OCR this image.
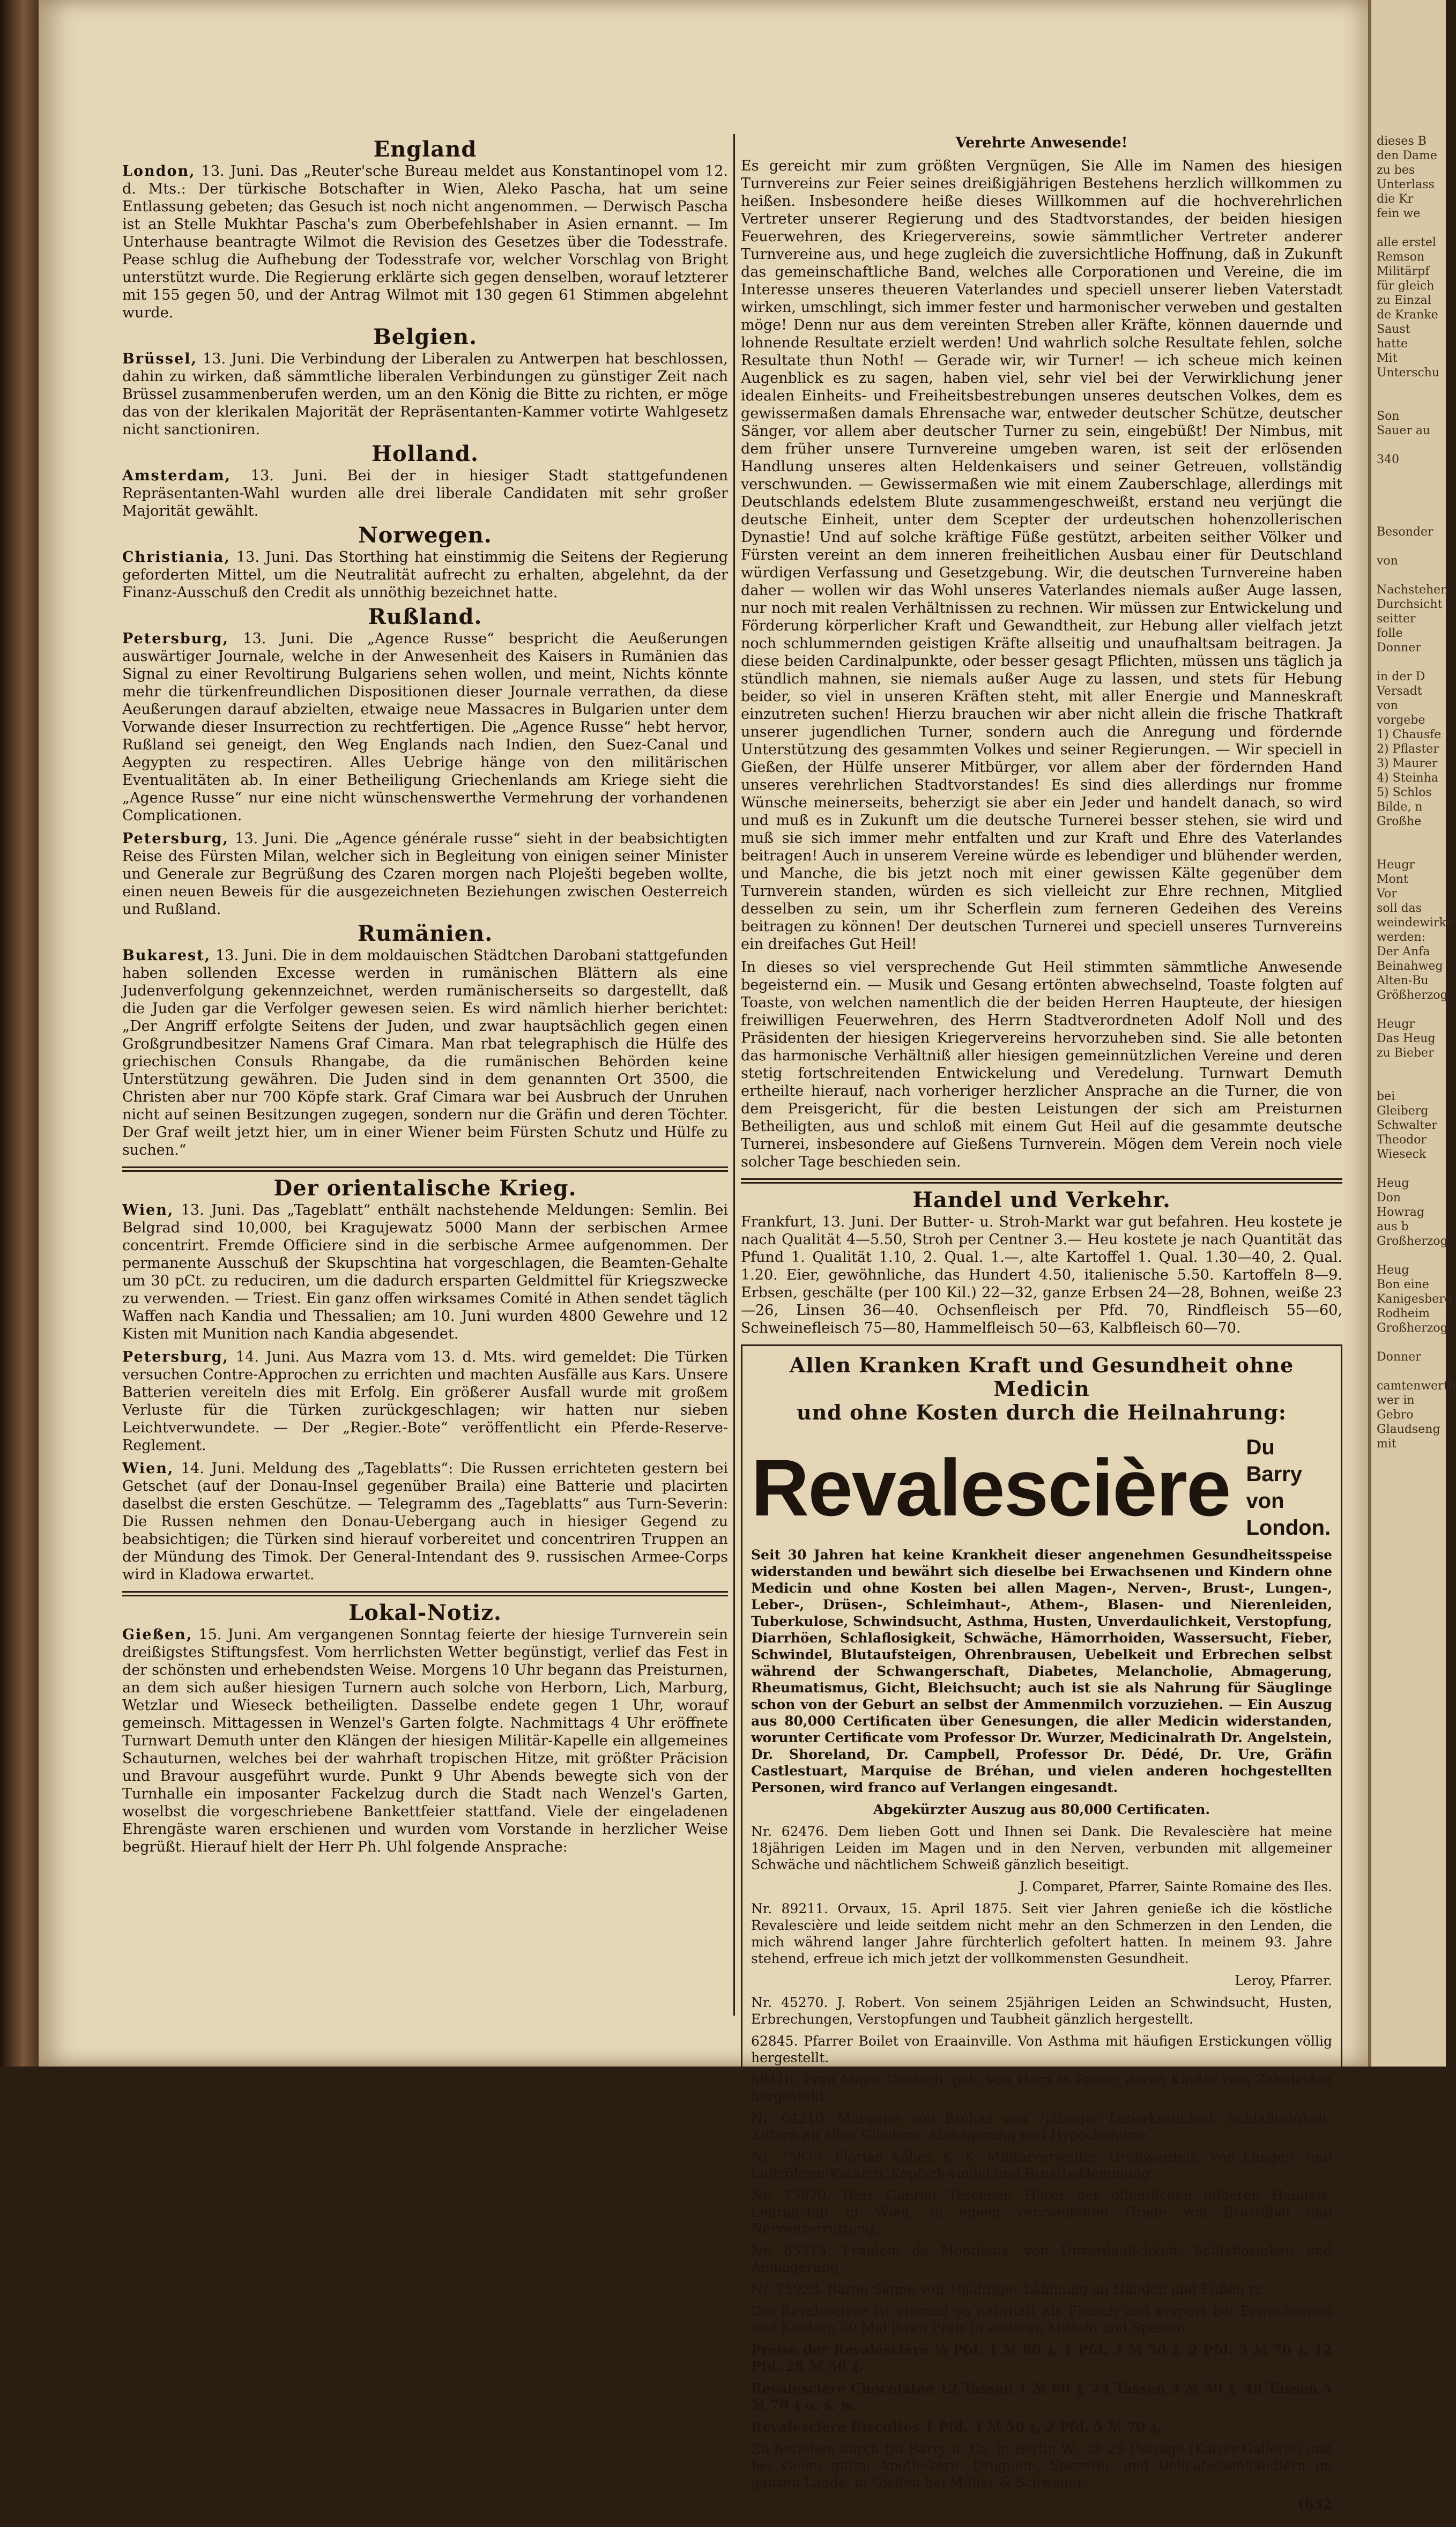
England

London, 13. Juni. Das „Reuter'sche Bureau meldet aus Konstantinopel vom 12. d. Mts.: Der türkische Botschafter in Wien, Aleko Pascha, hat um seine Entlassung gebeten; das Gesuch ist noch nicht angenommen. — Derwisch Pascha ist an Stelle Mukhtar Pascha's zum Oberbefehlshaber in Asien ernannt. — Im Unterhause beantragte Wilmot die Revision des Gesetzes über die Todesstrafe. Pease schlug die Aufhebung der Todesstrafe vor, welcher Vorschlag von Bright unterstützt wurde. Die Regierung erklärte sich gegen denselben, worauf letzterer mit 155 gegen 50, und der Antrag Wilmot mit 130 gegen 61 Stimmen abgelehnt wurde.

Belgien.

Brüssel, 13. Juni. Die Verbindung der Liberalen zu Antwerpen hat beschlossen, dahin zu wirken, daß sämmtliche liberalen Verbindungen zu günstiger Zeit nach Brüssel zusammenberufen werden, um an den König die Bitte zu richten, er möge das von der klerikalen Majorität der Repräsentanten-Kammer votirte Wahlgesetz nicht sanctioniren.

Holland.

Amsterdam, 13. Juni. Bei der in hiesiger Stadt stattgefundenen Repräsentanten-Wahl wurden alle drei liberale Candidaten mit sehr großer Majorität gewählt.

Norwegen.

Christiania, 13. Juni. Das Storthing hat einstimmig die Seitens der Regierung geforderten Mittel, um die Neutralität aufrecht zu erhalten, abgelehnt, da der Finanz-Ausschuß den Credit als unnöthig bezeichnet hatte.

Rußland.

Petersburg, 13. Juni. Die „Agence Russe“ bespricht die Aeußerungen auswärtiger Journale, welche in der Anwesenheit des Kaisers in Rumänien das Signal zu einer Revoltirung Bulgariens sehen wollen, und meint, Nichts könnte mehr die türkenfreundlichen Dispositionen dieser Journale verrathen, da diese Aeußerungen darauf abzielten, etwaige neue Massacres in Bulgarien unter dem Vorwande dieser Insurrection zu rechtfertigen. Die „Agence Russe“ hebt hervor, Rußland sei geneigt, den Weg Englands nach Indien, den Suez-Canal und Aegypten zu respectiren. Alles Uebrige hänge von den militärischen Eventualitäten ab. In einer Betheiligung Griechenlands am Kriege sieht die „Agence Russe“ nur eine nicht wünschenswerthe Vermehrung der vorhandenen Complicationen.

Petersburg, 13. Juni. Die „Agence générale russe“ sieht in der beabsichtigten Reise des Fürsten Milan, welcher sich in Begleitung von einigen seiner Minister und Generale zur Begrüßung des Czaren morgen nach Ploješti begeben wollte, einen neuen Beweis für die ausgezeichneten Beziehungen zwischen Oesterreich und Rußland.

Rumänien.

Bukarest, 13. Juni. Die in dem moldauischen Städtchen Darobani stattgefunden haben sollenden Excesse werden in rumänischen Blättern als eine Judenverfolgung gekennzeichnet, werden rumänischerseits so dargestellt, daß die Juden gar die Verfolger gewesen seien. Es wird nämlich hierher berichtet: „Der Angriff erfolgte Seitens der Juden, und zwar hauptsächlich gegen einen Großgrundbesitzer Namens Graf Cimara. Man rbat telegraphisch die Hülfe des griechischen Consuls Rhangabe, da die rumänischen Behörden keine Unterstützung gewähren. Die Juden sind in dem genannten Ort 3500, die Christen aber nur 700 Köpfe stark. Graf Cimara war bei Ausbruch der Unruhen nicht auf seinen Besitzungen zugegen, sondern nur die Gräfin und deren Töchter. Der Graf weilt jetzt hier, um in einer Wiener beim Fürsten Schutz und Hülfe zu suchen.“

Der orientalische Krieg.

Wien, 13. Juni. Das „Tageblatt“ enthält nachstehende Meldungen: Semlin. Bei Belgrad sind 10,000, bei Kragujewatz 5000 Mann der serbischen Armee concentrirt. Fremde Officiere sind in die serbische Armee aufgenommen. Der permanente Ausschuß der Skupschtina hat vorgeschlagen, die Beamten-Gehalte um 30 pCt. zu reduciren, um die dadurch ersparten Geldmittel für Kriegszwecke zu verwenden. — Triest. Ein ganz offen wirksames Comité in Athen sendet täglich Waffen nach Kandia und Thessalien; am 10. Juni wurden 4800 Gewehre und 12 Kisten mit Munition nach Kandia abgesendet.

Petersburg, 14. Juni. Aus Mazra vom 13. d. Mts. wird gemeldet: Die Türken versuchen Contre-Approchen zu errichten und machten Ausfälle aus Kars. Unsere Batterien vereiteln dies mit Erfolg. Ein größerer Ausfall wurde mit großem Verluste für die Türken zurückgeschlagen; wir hatten nur sieben Leichtverwundete. — Der „Regier.-Bote“ veröffentlicht ein Pferde-Reserve-Reglement.

Wien, 14. Juni. Meldung des „Tageblatts“: Die Russen errichteten gestern bei Getschet (auf der Donau-Insel gegenüber Braila) eine Batterie und placirten daselbst die ersten Geschütze. — Telegramm des „Tageblatts“ aus Turn-Severin: Die Russen nehmen den Donau-Uebergang auch in hiesiger Gegend zu beabsichtigen; die Türken sind hierauf vorbereitet und concentriren Truppen an der Mündung des Timok. Der General-Intendant des 9. russischen Armee-Corps wird in Kladowa erwartet.

Lokal-Notiz.

Gießen, 15. Juni. Am vergangenen Sonntag feierte der hiesige Turnverein sein dreißigstes Stiftungsfest. Vom herrlichsten Wetter begünstigt, verlief das Fest in der schönsten und erhebendsten Weise. Morgens 10 Uhr begann das Preisturnen, an dem sich außer hiesigen Turnern auch solche von Herborn, Lich, Marburg, Wetzlar und Wieseck betheiligten. Dasselbe endete gegen 1 Uhr, worauf gemeinsch. Mittagessen in Wenzel's Garten folgte. Nachmittags 4 Uhr eröffnete Turnwart Demuth unter den Klängen der hiesigen Militär-Kapelle ein allgemeines Schauturnen, welches bei der wahrhaft tropischen Hitze, mit größter Präcision und Bravour ausgeführt wurde. Punkt 9 Uhr Abends bewegte sich von der Turnhalle ein imposanter Fackelzug durch die Stadt nach Wenzel's Garten, woselbst die vorgeschriebene Bankettfeier stattfand. Viele der eingeladenen Ehrengäste waren erschienen und wurden vom Vorstande in herzlicher Weise begrüßt. Hierauf hielt der Herr Ph. Uhl folgende Ansprache:

Verehrte Anwesende!

Es gereicht mir zum größten Vergnügen, Sie Alle im Namen des hiesigen Turnvereins zur Feier seines dreißigjährigen Bestehens herzlich willkommen zu heißen. Insbesondere heiße dieses Willkommen auf die hochverehrlichen Vertreter unserer Regierung und des Stadtvorstandes, der beiden hiesigen Feuerwehren, des Kriegervereins, sowie sämmtlicher Vertreter anderer Turnvereine aus, und hege zugleich die zuversichtliche Hoffnung, daß in Zukunft das gemeinschaftliche Band, welches alle Corporationen und Vereine, die im Interesse unseres theueren Vaterlandes und speciell unserer lieben Vaterstadt wirken, umschlingt, sich immer fester und harmonischer verweben und gestalten möge! Denn nur aus dem vereinten Streben aller Kräfte, können dauernde und lohnende Resultate erzielt werden! Und wahrlich solche Resultate fehlen, solche Resultate thun Noth! — Gerade wir, wir Turner! — ich scheue mich keinen Augenblick es zu sagen, haben viel, sehr viel bei der Verwirklichung jener idealen Einheits- und Freiheitsbestrebungen unseres deutschen Volkes, dem es gewissermaßen damals Ehrensache war, entweder deutscher Schütze, deutscher Sänger, vor allem aber deutscher Turner zu sein, eingebüßt! Der Nimbus, mit dem früher unsere Turnvereine umgeben waren, ist seit der erlösenden Handlung unseres alten Heldenkaisers und seiner Getreuen, vollständig verschwunden. — Gewissermaßen wie mit einem Zauberschlage, allerdings mit Deutschlands edelstem Blute zusammengeschweißt, erstand neu verjüngt die deutsche Einheit, unter dem Scepter der urdeutschen hohenzollerischen Dynastie! Und auf solche kräftige Füße gestützt, arbeiten seither Völker und Fürsten vereint an dem inneren freiheitlichen Ausbau einer für Deutschland würdigen Verfassung und Gesetzgebung. Wir, die deutschen Turnvereine haben daher — wollen wir das Wohl unseres Vaterlandes niemals außer Auge lassen, nur noch mit realen Verhältnissen zu rechnen. Wir müssen zur Entwickelung und Förderung körperlicher Kraft und Gewandtheit, zur Hebung aller vielfach jetzt noch schlummernden geistigen Kräfte allseitig und unaufhaltsam beitragen. Ja diese beiden Cardinalpunkte, oder besser gesagt Pflichten, müssen uns täglich ja stündlich mahnen, sie niemals außer Auge zu lassen, und stets für Hebung beider, so viel in unseren Kräften steht, mit aller Energie und Manneskraft einzutreten suchen! Hierzu brauchen wir aber nicht allein die frische Thatkraft unserer jugendlichen Turner, sondern auch die Anregung und fördernde Unterstützung des gesammten Volkes und seiner Regierungen. — Wir speciell in Gießen, der Hülfe unserer Mitbürger, vor allem aber der fördernden Hand unseres verehrlichen Stadtvorstandes! Es sind dies allerdings nur fromme Wünsche meinerseits, beherzigt sie aber ein Jeder und handelt danach, so wird und muß es in Zukunft um die deutsche Turnerei besser stehen, sie wird und muß sie sich immer mehr entfalten und zur Kraft und Ehre des Vaterlandes beitragen! Auch in unserem Vereine würde es lebendiger und blühender werden, und Manche, die bis jetzt noch mit einer gewissen Kälte gegenüber dem Turnverein standen, würden es sich vielleicht zur Ehre rechnen, Mitglied desselben zu sein, um ihr Scherflein zum ferneren Gedeihen des Vereins beitragen zu können! Der deutschen Turnerei und speciell unseres Turnvereins ein dreifaches Gut Heil!

In dieses so viel versprechende Gut Heil stimmten sämmtliche Anwesende begeisternd ein. — Musik und Gesang ertönten abwechselnd, Toaste folgten auf Toaste, von welchen namentlich die der beiden Herren Haupteute, der hiesigen freiwilligen Feuerwehren, des Herrn Stadtverordneten Adolf Noll und des Präsidenten der hiesigen Kriegervereins hervorzuheben sind. Sie alle betonten das harmonische Verhältniß aller hiesigen gemeinnützlichen Vereine und deren stetig fortschreitenden Entwickelung und Veredelung. Turnwart Demuth ertheilte hierauf, nach vorheriger herzlicher Ansprache an die Turner, die von dem Preisgericht, für die besten Leistungen der sich am Preisturnen Betheiligten, aus und schloß mit einem Gut Heil auf die gesammte deutsche Turnerei, insbesondere auf Gießens Turnverein. Mögen dem Verein noch viele solcher Tage beschieden sein.

Handel und Verkehr.

Frankfurt, 13. Juni. Der Butter- u. Stroh-Markt war gut befahren. Heu kostete je nach Qualität 4—5.50, Stroh per Centner 3.— Heu kostete je nach Quantität das Pfund 1. Qualität 1.10, 2. Qual. 1.—, alte Kartoffel 1. Qual. 1.30—40, 2. Qual. 1.20. Eier, gewöhnliche, das Hundert 4.50, italienische 5.50. Kartoffeln 8—9. Erbsen, geschälte (per 100 Kil.) 22—32, ganze Erbsen 24—28, Bohnen, weiße 23—26, Linsen 36—40. Ochsenfleisch per Pfd. 70, Rindfleisch 55—60, Schweinefleisch 75—80, Hammelfleisch 50—63, Kalbfleisch 60—70.

Allen Kranken Kraft und Gesundheit ohne Medicin
und ohne Kosten durch die Heilnahrung:
Revalescière Du Barry
von London.

Seit 30 Jahren hat keine Krankheit dieser angenehmen Gesundheitsspeise widerstanden und bewährt sich dieselbe bei Erwachsenen und Kindern ohne Medicin und ohne Kosten bei allen Magen-, Nerven-, Brust-, Lungen-, Leber-, Drüsen-, Schleimhaut-, Athem-, Blasen- und Nierenleiden, Tuberkulose, Schwindsucht, Asthma, Husten, Unverdaulichkeit, Verstopfung, Diarrhöen, Schlaflosigkeit, Schwäche, Hämorrhoiden, Wassersucht, Fieber, Schwindel, Blutaufsteigen, Ohrenbrausen, Uebelkeit und Erbrechen selbst während der Schwangerschaft, Diabetes, Melancholie, Abmagerung, Rheumatismus, Gicht, Bleichsucht; auch ist sie als Nahrung für Säuglinge schon von der Geburt an selbst der Ammenmilch vorzuziehen. — Ein Auszug aus 80,000 Certificaten über Genesungen, die aller Medicin widerstanden, worunter Certificate vom Professor Dr. Wurzer, Medicinalrath Dr. Angelstein, Dr. Shoreland, Dr. Campbell, Professor Dr. Dédé, Dr. Ure, Gräfin Castlestuart, Marquise de Bréhan, und vielen anderen hochgestellten Personen, wird franco auf Verlangen eingesandt.

Abgekürzter Auszug aus 80,000 Certificaten.

Nr. 62476. Dem lieben Gott und Ihnen sei Dank. Die Revalescière hat meine 18jährigen Leiden im Magen und in den Nerven, verbunden mit allgemeiner Schwäche und nächtlichem Schweiß gänzlich beseitigt.

J. Comparet, Pfarrer, Sainte Romaine des Iles.

Nr. 89211. Orvaux, 15. April 1875. Seit vier Jahren genieße ich die köstliche Revalescière und leide seitdem nicht mehr an den Schmerzen in den Lenden, die mich während langer Jahre fürchterlich gefoltert hatten. In meinem 93. Jahre stehend, erfreue ich mich jetzt der vollkommensten Gesundheit.

Leroy, Pfarrer.

Nr. 45270. J. Robert. Von seinem 25jährigen Leiden an Schwindsucht, Husten, Erbrechungen, Verstopfungen und Taubheit gänzlich hergestellt.

62845. Pfarrer Boilet von Eraainville. Von Asthma mit häufigen Erstickungen völlig hergestellt.

89416. Frau Major Deutsch, geb. von Horn in Posen; deren Kinder vom Zahnleiden hergestellt.

Nr. 64210. Marquise von Bréhan von 7jähriger Leberkrankheit, Schlaflosigkeit, Zittern an allen Gliedern, Abmagerung und Hypochondrie.

Nr. 75877. Florian Köller, K. K. Militärverwalter, Großwardein, von Lungen- und Luftröhren-Katarrh, Kopfschwindel und Brustbeklemmung.

Nr. 75970. Herr Gabriel Teschner, Hörer der öffentlichen höheren Handels-Lehranstalt in Wien, in einem verzweifelten Grade von Brustübel und Nervenzerrüttung.

Nr. 65715. Fräulein de Montlouis, von Unverdaulichkeit, Schlaflosigkeit und Abmagerung.

Nr. 75928. Baron Sigmo von 10jähriger Lähmung an Händen und Füßen rc.

Die Revalescière ist viermal so nahrhaft als Fleisch und erspart bei Erwachsenen und Kindern 50 Mal ihren Preis in anderen Mitteln und Speisen.

Preise der Revalescière ½ Pfd. 1 ℳ 80 ₰, 1 Pfd. 3 ℳ 50 ₰, 2 Pfd. 5 ℳ 70 ₰, 12 Pfd. 28 ℳ 50 ₰.

Revalescière Chocolatée 12 Tassen 1 ℳ 80 ₰, 24 Tassen 3 ℳ 50 ₰, 48 Tassen 5 ℳ 70 ₰ u. s. w.

Revalescière Biscuites 1 Pfd. 3 ℳ 50 ₰, 2 Pfd. 5 ℳ 70 ₰.

Zu beziehen durch Du Barry u. Co. in Berlin W., 28 29 Passage (Kaiser-Gallerie) und bei vielen guten Apothekern, Droguen-, Spezerei- und Delicatessenhändlern im ganzen Lande, in Gießen bei Müller & Schwager.

(632

dieses B
den Dame
zu bes
Unterlass
die Kr
fein we

alle erstel
Remson
Militärpf
für gleich
zu Einzal
de Kranke
Saust hatte
Mit
Unterschu

Son
Sauer au

340

Besonder

von

Nachstehen
Durchsicht
seitter folle
Donner

in der D
Versadt
von vorgebe
1) Chausfe
2) Pflaster
3) Maurer
4) Steinha
5) Schlos
Bilde, n
Großhe

Heugr
Mont
Vor
soll das
weindewirke
werden:
Der Anfa
Beinahweg
Alten-Bu
Größherzog

Heugr
Das Heug
zu Bieber

bei Gleiberg
Schwalter
Theodor
Wieseck

Heug
Don
Howrag
aus b
Großherzog

Heug
Bon eine
Kanigesberg
Rodheim
Großherzog

Donner

camtenwerth
wer in Gebro
Glaudseng
mit
